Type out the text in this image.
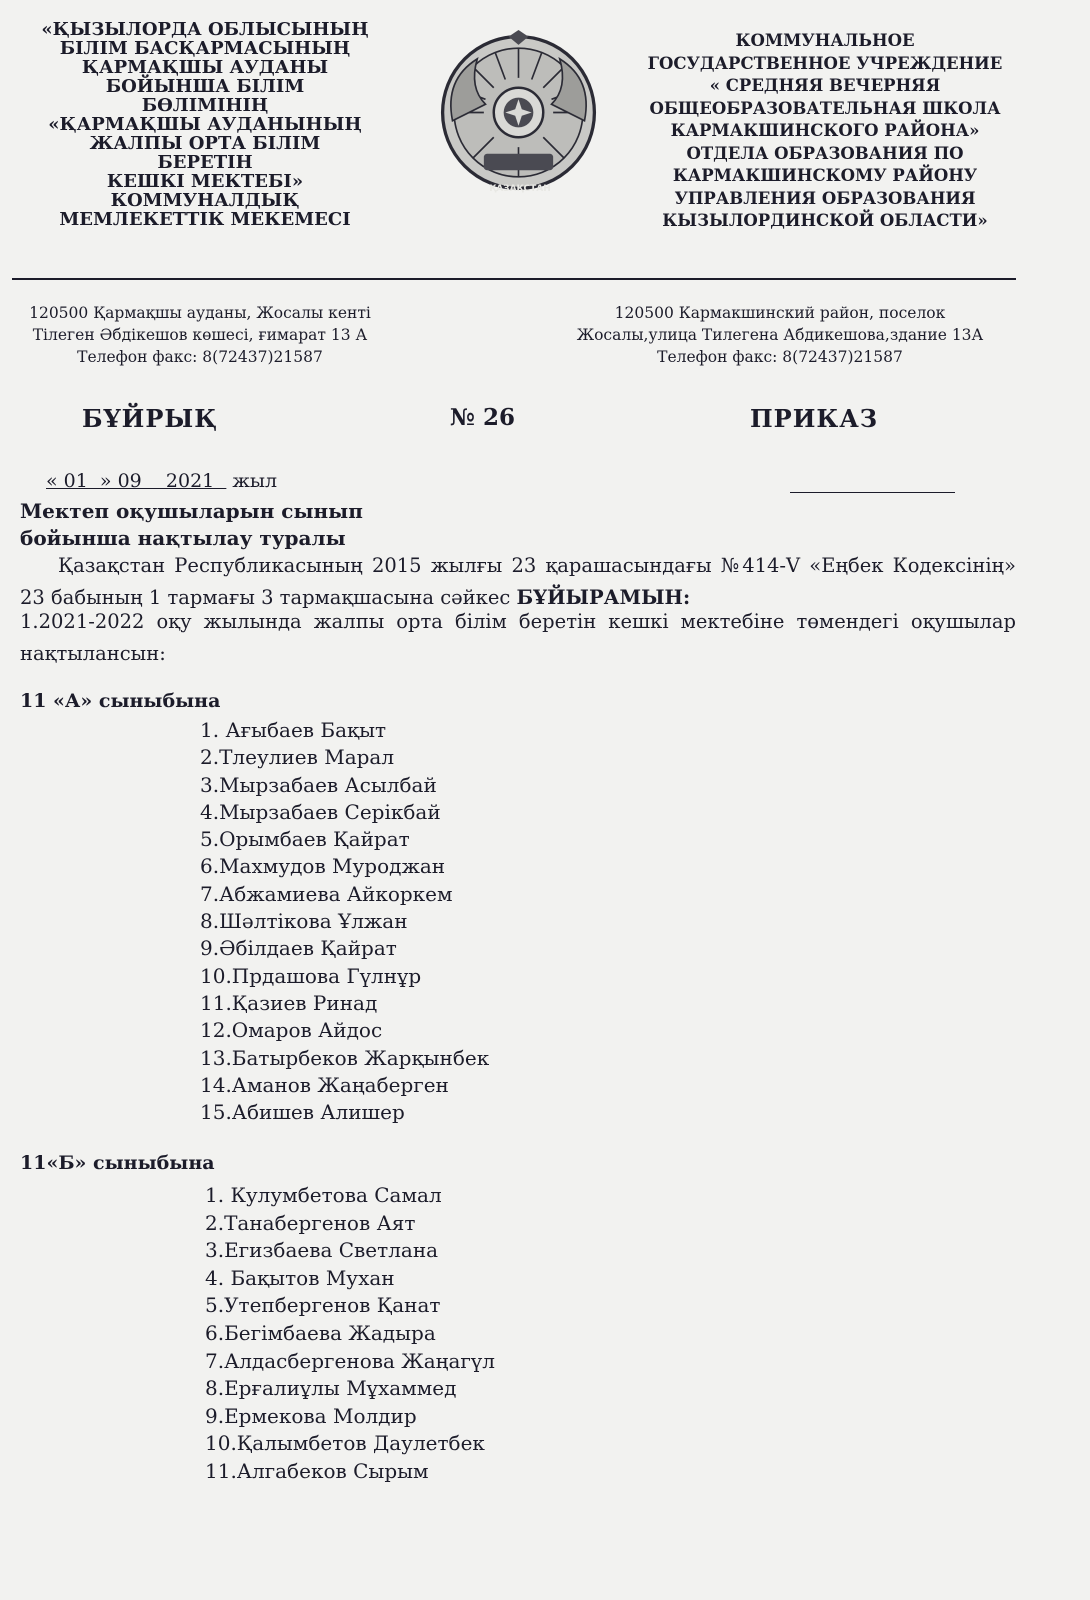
«ҚЫЗЫЛОРДА ОБЛЫСЫНЫҢ
БІЛІМ БАСҚАРМАСЫНЫҢ
ҚАРМАҚШЫ АУДАНЫ
БОЙЫНША БІЛІМ БӨЛІМІНІҢ
«ҚАРМАҚШЫ АУДАНЫНЫҢ
ЖАЛПЫ ОРТА БІЛІМ БЕРЕТІН
КЕШКІ МЕКТЕБІ»
КОММУНАЛДЫҚ
МЕМЛЕКЕТТІК МЕКЕМЕСІ
ҚАЗАҚСТАН
КОММУНАЛЬНОЕ
ГОСУДАРСТВЕННОЕ УЧРЕЖДЕНИЕ
« СРЕДНЯЯ ВЕЧЕРНЯЯ
ОБЩЕОБРАЗОВАТЕЛЬНАЯ ШКОЛА
КАРМАКШИНСКОГО РАЙОНА»
ОТДЕЛА ОБРАЗОВАНИЯ ПО
КАРМАКШИНСКОМУ РАЙОНУ
УПРАВЛЕНИЯ ОБРАЗОВАНИЯ
КЫЗЫЛОРДИНСКОЙ ОБЛАСТИ»
120500 Қармақшы ауданы, Жосалы кенті
Тілеген Әбдікешов көшесі, ғимарат 13 А
Телефон факс: 8(72437)21587
120500 Кармакшинский район, поселок
Жосалы,улица Тилегена Абдикешова,здание 13А
Телефон факс: 8(72437)21587
БҰЙРЫҚ	№ 26	ПРИКАЗ
« 01  » 09    2021   жыл
Мектеп оқушыларын сынып
бойынша нақтылау туралы
Қазақстан Республикасының 2015 жылғы 23 қарашасындағы №414-V «Еңбек Кодексінің» 23 бабының 1 тармағы 3 тармақшасына сәйкес БҰЙЫРАМЫН:
1.2021-2022 оқу жылында жалпы орта білім беретін кешкі мектебіне төмендегі оқушылар нақтылансын:
11 «А» сыныбына
1. Ағыбаев Бақыт
2.Тлеулиев Марал
3.Мырзабаев Асылбай
4.Мырзабаев Серікбай
5.Орымбаев Қайрат
6.Махмудов Муроджан
7.Абжамиева Айкоркем
8.Шәлтікова Ұлжан
9.Әбілдаев Қайрат
10.Прдашова Гүлнұр
11.Қазиев Ринад
12.Омаров Айдос
13.Батырбеков Жарқынбек
14.Аманов Жаңаберген
15.Абишев Алишер
11«Б» сыныбына
1. Кулумбетова Самал
2.Танабергенов Аят
3.Егизбаева Светлана
4. Бақытов Мухан
5.Утепбергенов Қанат
6.Бегімбаева Жадыра
7.Алдасбергенова Жаңагүл
8.Ерғалиұлы Мұхаммед
9.Ермекова Молдир
10.Қалымбетов Даулетбек
11.Алгабеков Сырым
